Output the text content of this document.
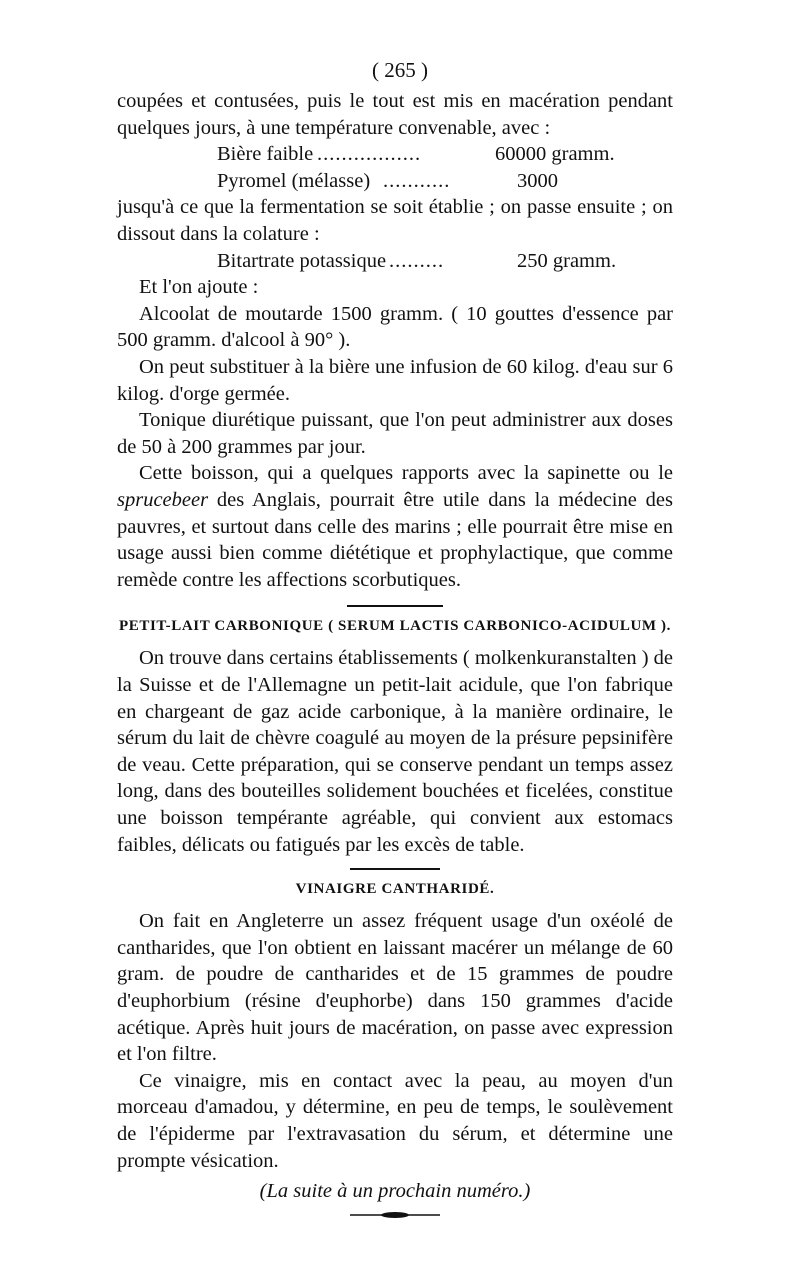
( 265 )

coupées et contusées, puis le tout est mis en macération pendant quelques jours, à une température convenable, avec :

Bière faible .................	60000 gramm.
Pyromel (mélasse) ...........	3000

jusqu'à ce que la fermentation se soit établie ; on passe ensuite ; on dissout dans la colature :

Bitartrate potassique .........	250 gramm.

Et l'on ajoute :

Alcoolat de moutarde 1500 gramm. ( 10 gouttes d'essence par 500 gramm. d'alcool à 90° ).

On peut substituer à la bière une infusion de 60 kilog. d'eau sur 6 kilog. d'orge germée.

Tonique diurétique puissant, que l'on peut administrer aux doses de 50 à 200 grammes par jour.

Cette boisson, qui a quelques rapports avec la sapinette ou le sprucebeer des Anglais, pourrait être utile dans la médecine des pauvres, et surtout dans celle des marins ; elle pourrait être mise en usage aussi bien comme diététique et prophylactique, que comme remède contre les affections scorbutiques.

PETIT-LAIT CARBONIQUE ( SERUM LACTIS CARBONICO-ACIDULUM ).

On trouve dans certains établissements ( molkenkuranstalten ) de la Suisse et de l'Allemagne un petit-lait acidule, que l'on fabrique en chargeant de gaz acide carbonique, à la manière ordinaire, le sérum du lait de chèvre coagulé au moyen de la présure pepsinifère de veau. Cette préparation, qui se conserve pendant un temps assez long, dans des bouteilles solidement bouchées et ficelées, constitue une boisson tempérante agréable, qui convient aux estomacs faibles, délicats ou fatigués par les excès de table.

VINAIGRE CANTHARIDÉ.

On fait en Angleterre un assez fréquent usage d'un oxéolé de cantharides, que l'on obtient en laissant macérer un mélange de 60 gram. de poudre de cantharides et de 15 grammes de poudre d'euphorbium (résine d'euphorbe) dans 150 grammes d'acide acétique. Après huit jours de macération, on passe avec expression et l'on filtre.

Ce vinaigre, mis en contact avec la peau, au moyen d'un morceau d'amadou, y détermine, en peu de temps, le soulèvement de l'épiderme par l'extravasation du sérum, et détermine une prompte vésication.

(La suite à un prochain numéro.)
